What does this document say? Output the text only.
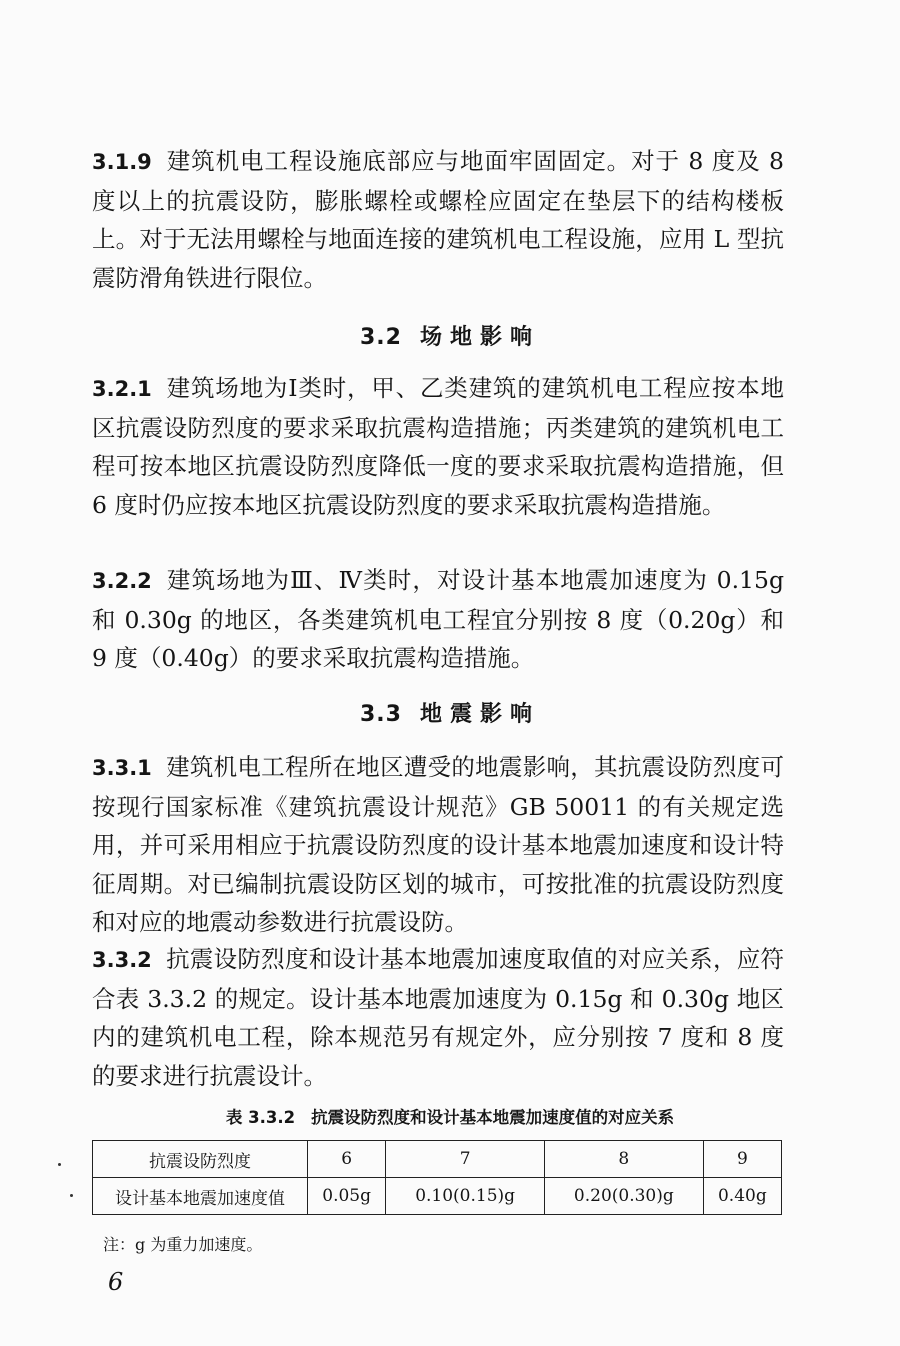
3.1.9 建筑机电工程设施底部应与地面牢固固定。对于 8 度及 8 度以上的抗震设防，膨胀螺栓或螺栓应固定在垫层下的结构楼板上。对于无法用螺栓与地面连接的建筑机电工程设施，应用 L 型抗震防滑角铁进行限位。
3.2 场地影响
3.2.1 建筑场地为Ⅰ类时，甲、乙类建筑的建筑机电工程应按本地区抗震设防烈度的要求采取抗震构造措施；丙类建筑的建筑机电工程可按本地区抗震设防烈度降低一度的要求采取抗震构造措施，但 6 度时仍应按本地区抗震设防烈度的要求采取抗震构造措施。
3.2.2 建筑场地为Ⅲ、Ⅳ类时，对设计基本地震加速度为 0.15g 和 0.30g 的地区，各类建筑机电工程宜分别按 8 度（0.20g）和 9 度（0.40g）的要求采取抗震构造措施。
3.3 地震影响
3.3.1 建筑机电工程所在地区遭受的地震影响，其抗震设防烈度可按现行国家标准《建筑抗震设计规范》GB 50011 的有关规定选用，并可采用相应于抗震设防烈度的设计基本地震加速度和设计特征周期。对已编制抗震设防区划的城市，可按批准的抗震设防烈度和对应的地震动参数进行抗震设防。
3.3.2 抗震设防烈度和设计基本地震加速度取值的对应关系，应符合表 3.3.2 的规定。设计基本地震加速度为 0.15g 和 0.30g 地区内的建筑机电工程，除本规范另有规定外，应分别按 7 度和 8 度的要求进行抗震设计。
表 3.3.2 抗震设防烈度和设计基本地震加速度值的对应关系
抗震设防烈度	6	7	8	9
设计基本地震加速度值	0.05g	0.10(0.15)g	0.20(0.30)g	0.40g
注：g 为重力加速度。
6
